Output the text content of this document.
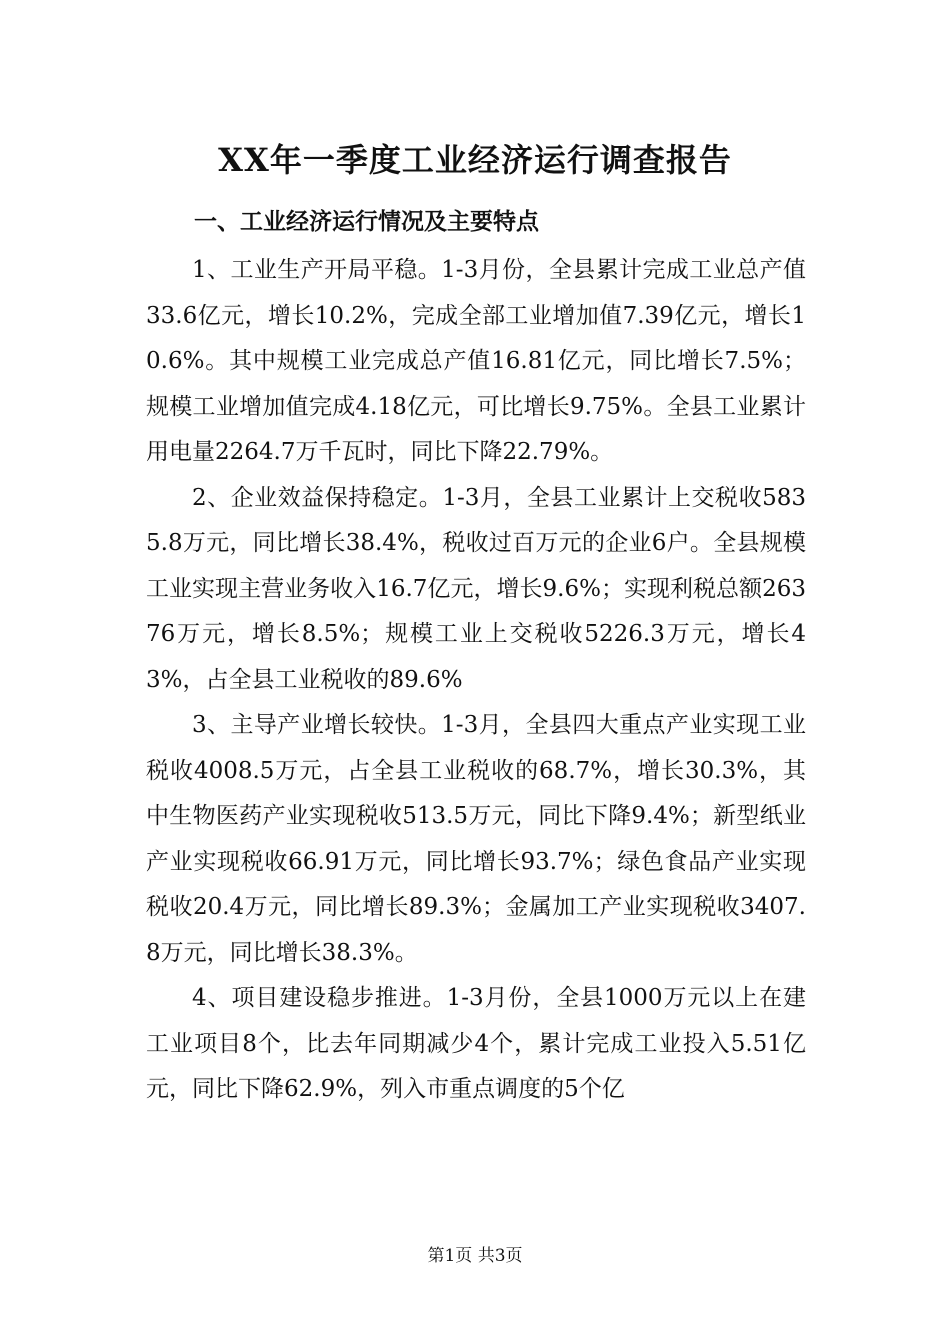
XX年一季度工业经济运行调查报告
一、工业经济运行情况及主要特点

1、工业生产开局平稳。1-3月份，全县累计完成工业总产值33.6亿元，增长10.2%，完成全部工业增加值7.39亿元，增长10.6%。其中规模工业完成总产值16.81亿元，同比增长7.5%；规模工业增加值完成4.18亿元，可比增长9.75%。全县工业累计用电量2264.7万千瓦时，同比下降22.79%。

2、企业效益保持稳定。1-3月，全县工业累计上交税收5835.8万元，同比增长38.4%，税收过百万元的企业6户。全县规模工业实现主营业务收入16.7亿元，增长9.6%；实现利税总额26376万元，增长8.5%；规模工业上交税收5226.3万元，增长43%，占全县工业税收的89.6%

3、主导产业增长较快。1-3月，全县四大重点产业实现工业税收4008.5万元，占全县工业税收的68.7%，增长30.3%，其中生物医药产业实现税收513.5万元，同比下降9.4%；新型纸业产业实现税收66.91万元，同比增长93.7%；绿色食品产业实现税收20.4万元，同比增长89.3%；金属加工产业实现税收3407.8万元，同比增长38.3%。

4、项目建设稳步推进。1-3月份，全县1000万元以上在建工业项目8个，比去年同期减少4个，累计完成工业投入5.51亿元，同比下降62.9%，列入市重点调度的5个亿

第1页 共3页
